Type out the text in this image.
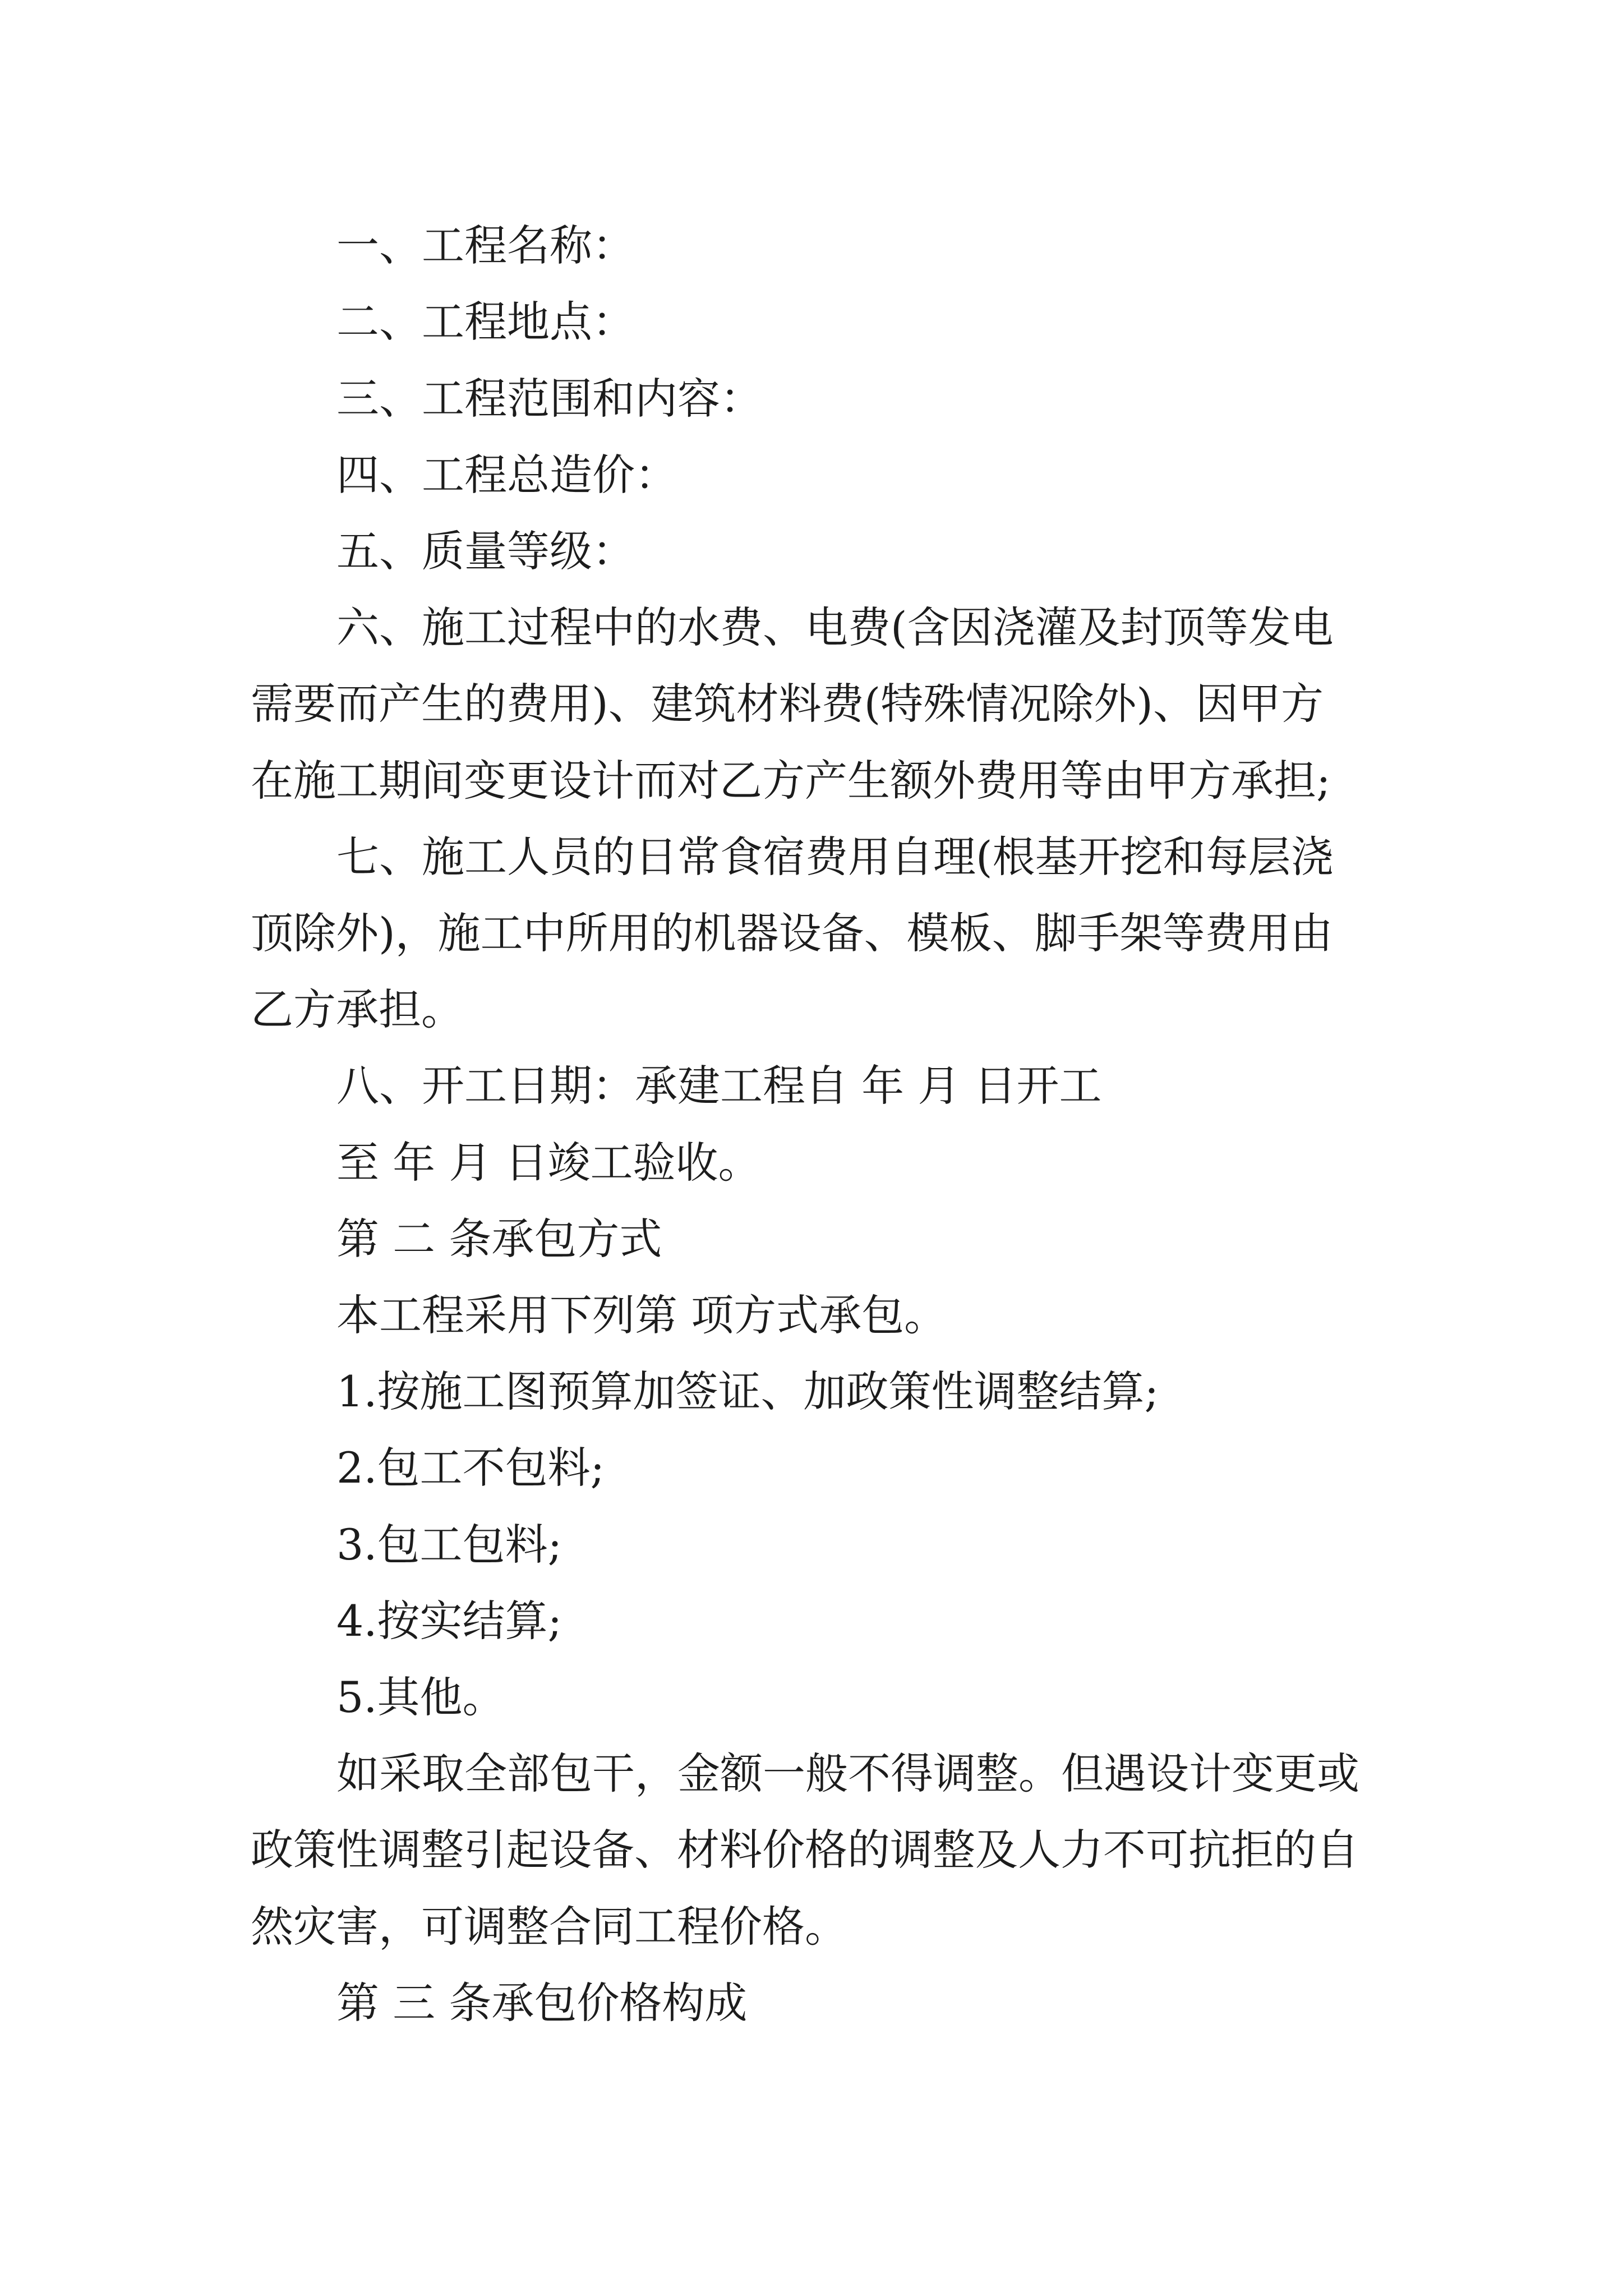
一、工程名称：

二、工程地点：

三、工程范围和内容：

四、工程总造价：

五、质量等级：

六、施工过程中的水费、电费(含因浇灌及封顶等发电

需要而产生的费用)、建筑材料费(特殊情况除外)、因甲方

在施工期间变更设计而对乙方产生额外费用等由甲方承担;

七、施工人员的日常食宿费用自理(根基开挖和每层浇

顶除外)，施工中所用的机器设备、模板、脚手架等费用由

乙方承担。

八、开工日期：承建工程自 年 月 日开工

至 年 月 日竣工验收。

第 二 条承包方式

本工程采用下列第 项方式承包。

1.按施工图预算加签证、加政策性调整结算;

2.包工不包料;

3.包工包料;

4.按实结算;

5.其他。

如采取全部包干，金额一般不得调整。但遇设计变更或

政策性调整引起设备、材料价格的调整及人力不可抗拒的自

然灾害，可调整合同工程价格。

第 三 条承包价格构成
